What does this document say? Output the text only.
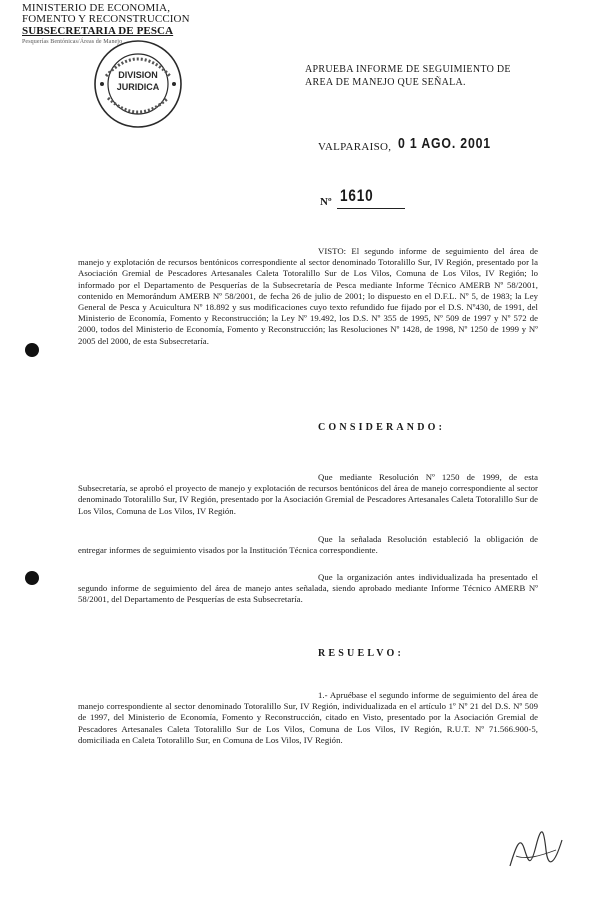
MINISTERIO DE ECONOMIA,
FOMENTO Y RECONSTRUCCION
SUBSECRETARIA DE PESCA
Pesquerías Bentónicas/Áreas de Manejo
DIVISION
JURIDICA
APRUEBA INFORME DE SEGUIMIENTO DE
AREA DE MANEJO QUE SEÑALA.
VALPARAISO, 0 1 AGO. 2001
Nº 1610
VISTO: El segundo informe de seguimiento del área de manejo y explotación de recursos bentónicos correspondiente al sector denominado Totoralillo Sur, IV Región, presentado por la Asociación Gremial de Pescadores Artesanales Caleta Totoralillo Sur de Los Vilos, Comuna de Los Vilos, IV Región; lo informado por el Departamento de Pesquerías de la Subsecretaría de Pesca mediante Informe Técnico AMERB Nº 58/2001, contenido en Memorándum AMERB Nº 58/2001, de fecha 26 de julio de 2001; lo dispuesto en el D.F.L. Nº 5, de 1983; la Ley General de Pesca y Acuicultura Nº 18.892 y sus modificaciones cuyo texto refundido fue fijado por el D.S. Nº430, de 1991, del Ministerio de Economía, Fomento y Reconstrucción; la Ley Nº 19.492, los D.S. Nº 355 de 1995, Nº 509 de 1997 y Nº 572 de 2000, todos del Ministerio de Economía, Fomento y Reconstrucción; las Resoluciones Nº 1428, de 1998, Nº 1250 de 1999 y Nº 2005 del 2000, de esta Subsecretaría.
CONSIDERANDO:
Que mediante Resolución Nº 1250 de 1999, de esta Subsecretaría, se aprobó el proyecto de manejo y explotación de recursos bentónicos del área de manejo correspondiente al sector denominado Totoralillo Sur, IV Región, presentado por la Asociación Gremial de Pescadores Artesanales Caleta Totoralillo Sur de Los Vilos, Comuna de Los Vilos, IV Región.
Que la señalada Resolución estableció la obligación de entregar informes de seguimiento visados por la Institución Técnica correspondiente.
Que la organización antes individualizada ha presentado el segundo informe de seguimiento del área de manejo antes señalada, siendo aprobado mediante Informe Técnico AMERB Nº 58/2001, del Departamento de Pesquerías de esta Subsecretaría.
RESUELVO:
1.- Apruébase el segundo informe de seguimiento del área de manejo correspondiente al sector denominado Totoralillo Sur, IV Región, individualizada en el artículo 1º Nº 21 del D.S. Nº 509 de 1997, del Ministerio de Economía, Fomento y Reconstrucción, citado en Visto, presentado por la Asociación Gremial de Pescadores Artesanales Caleta Totoralillo Sur de Los Vilos, Comuna de Los Vilos, IV Región, R.U.T. Nº 71.566.900-5, domiciliada en Caleta Totoralillo Sur, en Comuna de Los Vilos, IV Región.
